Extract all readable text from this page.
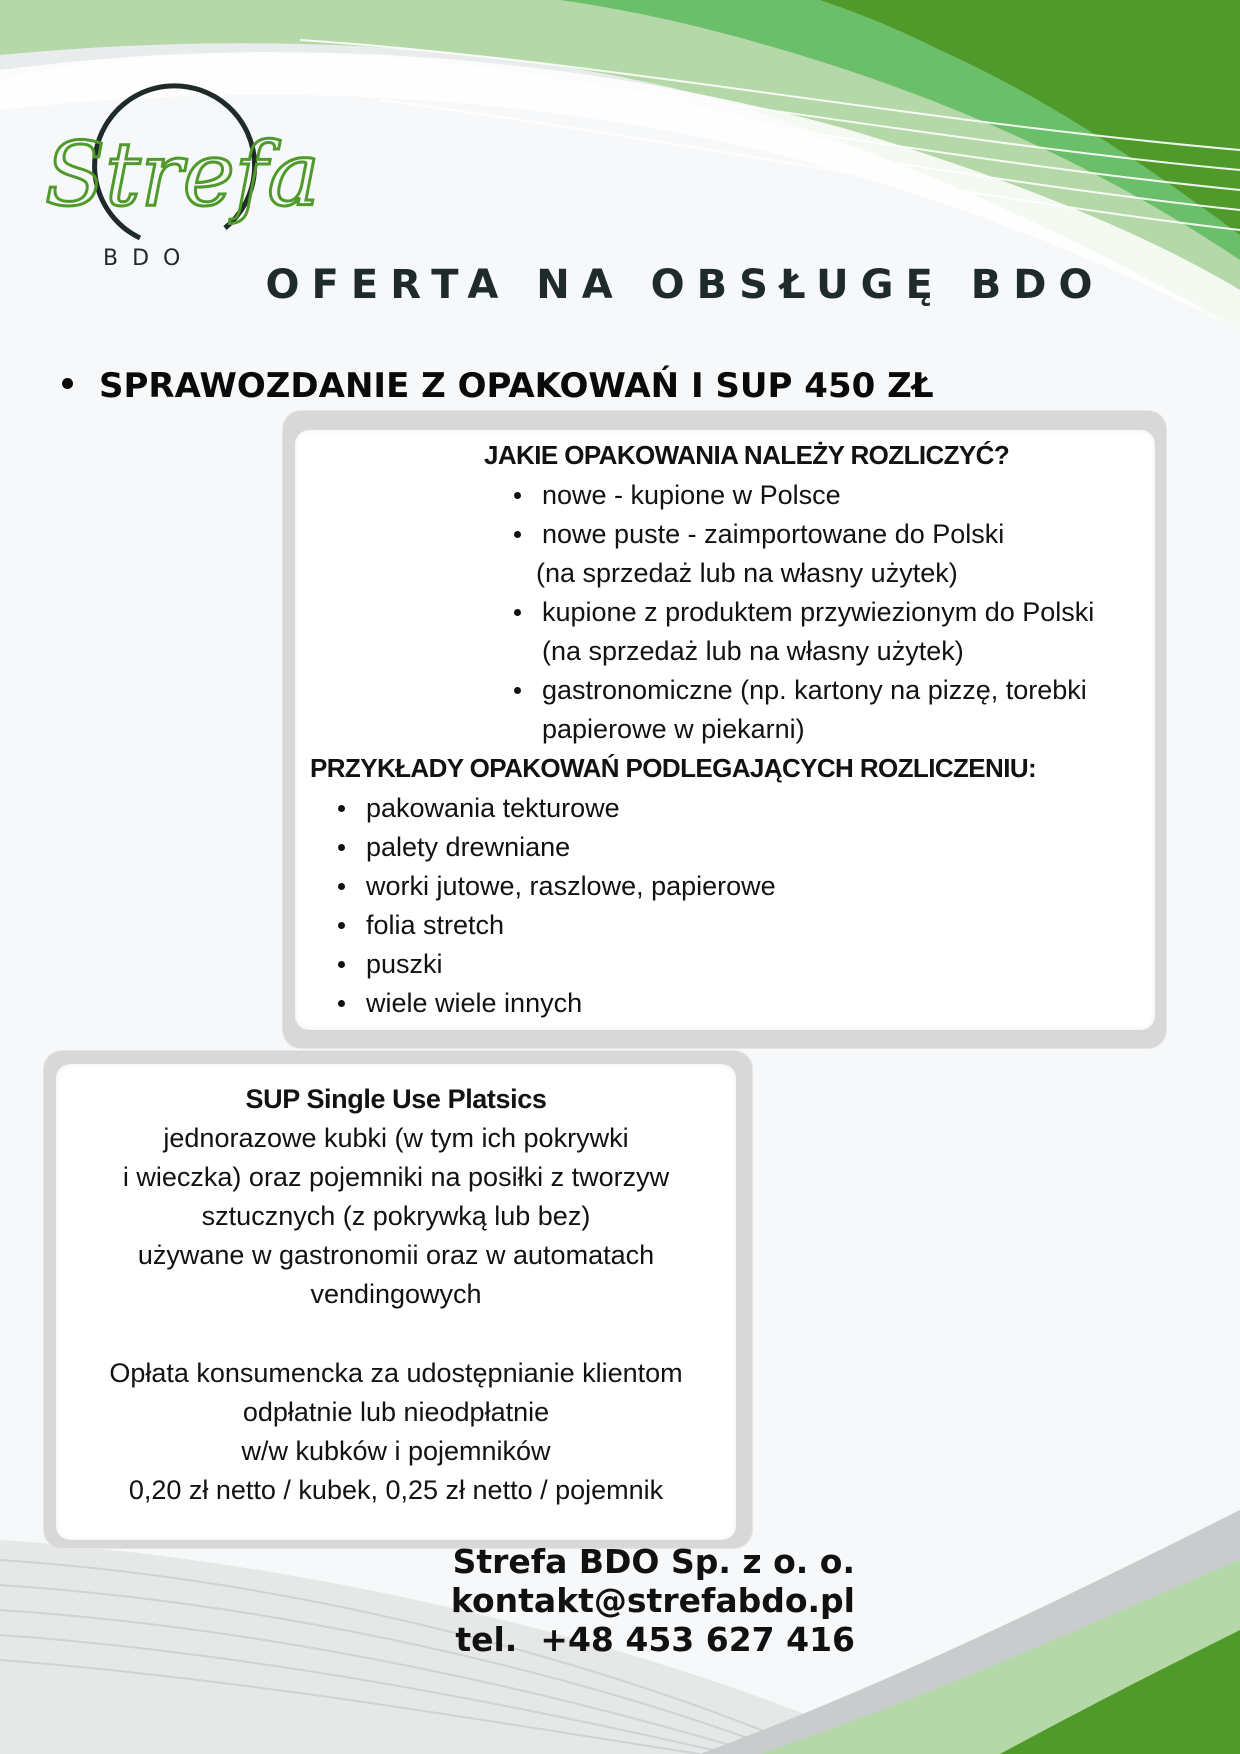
Strefa
BDO
OFERTA NA OBSŁUGĘ BDO
SPRAWOZDANIE Z OPAKOWAŃ I SUP 450 ZŁ
JAKIE OPAKOWANIA NALEŻY ROZLICZYĆ?
nowe - kupione w Polsce
nowe puste - zaimportowane do Polski
(na sprzedaż lub na własny użytek)
kupione z produktem przywiezionym do Polski
(na sprzedaż lub na własny użytek)
gastronomiczne (np. kartony na pizzę, torebki
papierowe w piekarni)
PRZYKŁADY OPAKOWAŃ PODLEGAJĄCYCH ROZLICZENIU:
pakowania tekturowe
palety drewniane
worki jutowe, raszlowe, papierowe
folia stretch
puszki
wiele wiele innych

SUP Single Use Platsics

jednorazowe kubki (w tym ich pokrywki

i wieczka) oraz pojemniki na posiłki z tworzyw

sztucznych (z pokrywką lub bez)

używane w gastronomii oraz w automatach

vendingowych

Opłata konsumencka za udostępnianie klientom

odpłatnie lub nieodpłatnie

w/w kubków i pojemników

0,20 zł netto / kubek, 0,25 zł netto / pojemnik

Strefa BDO Sp. z o. o.
kontakt@strefabdo.pl
tel.  +48 453 627 416
